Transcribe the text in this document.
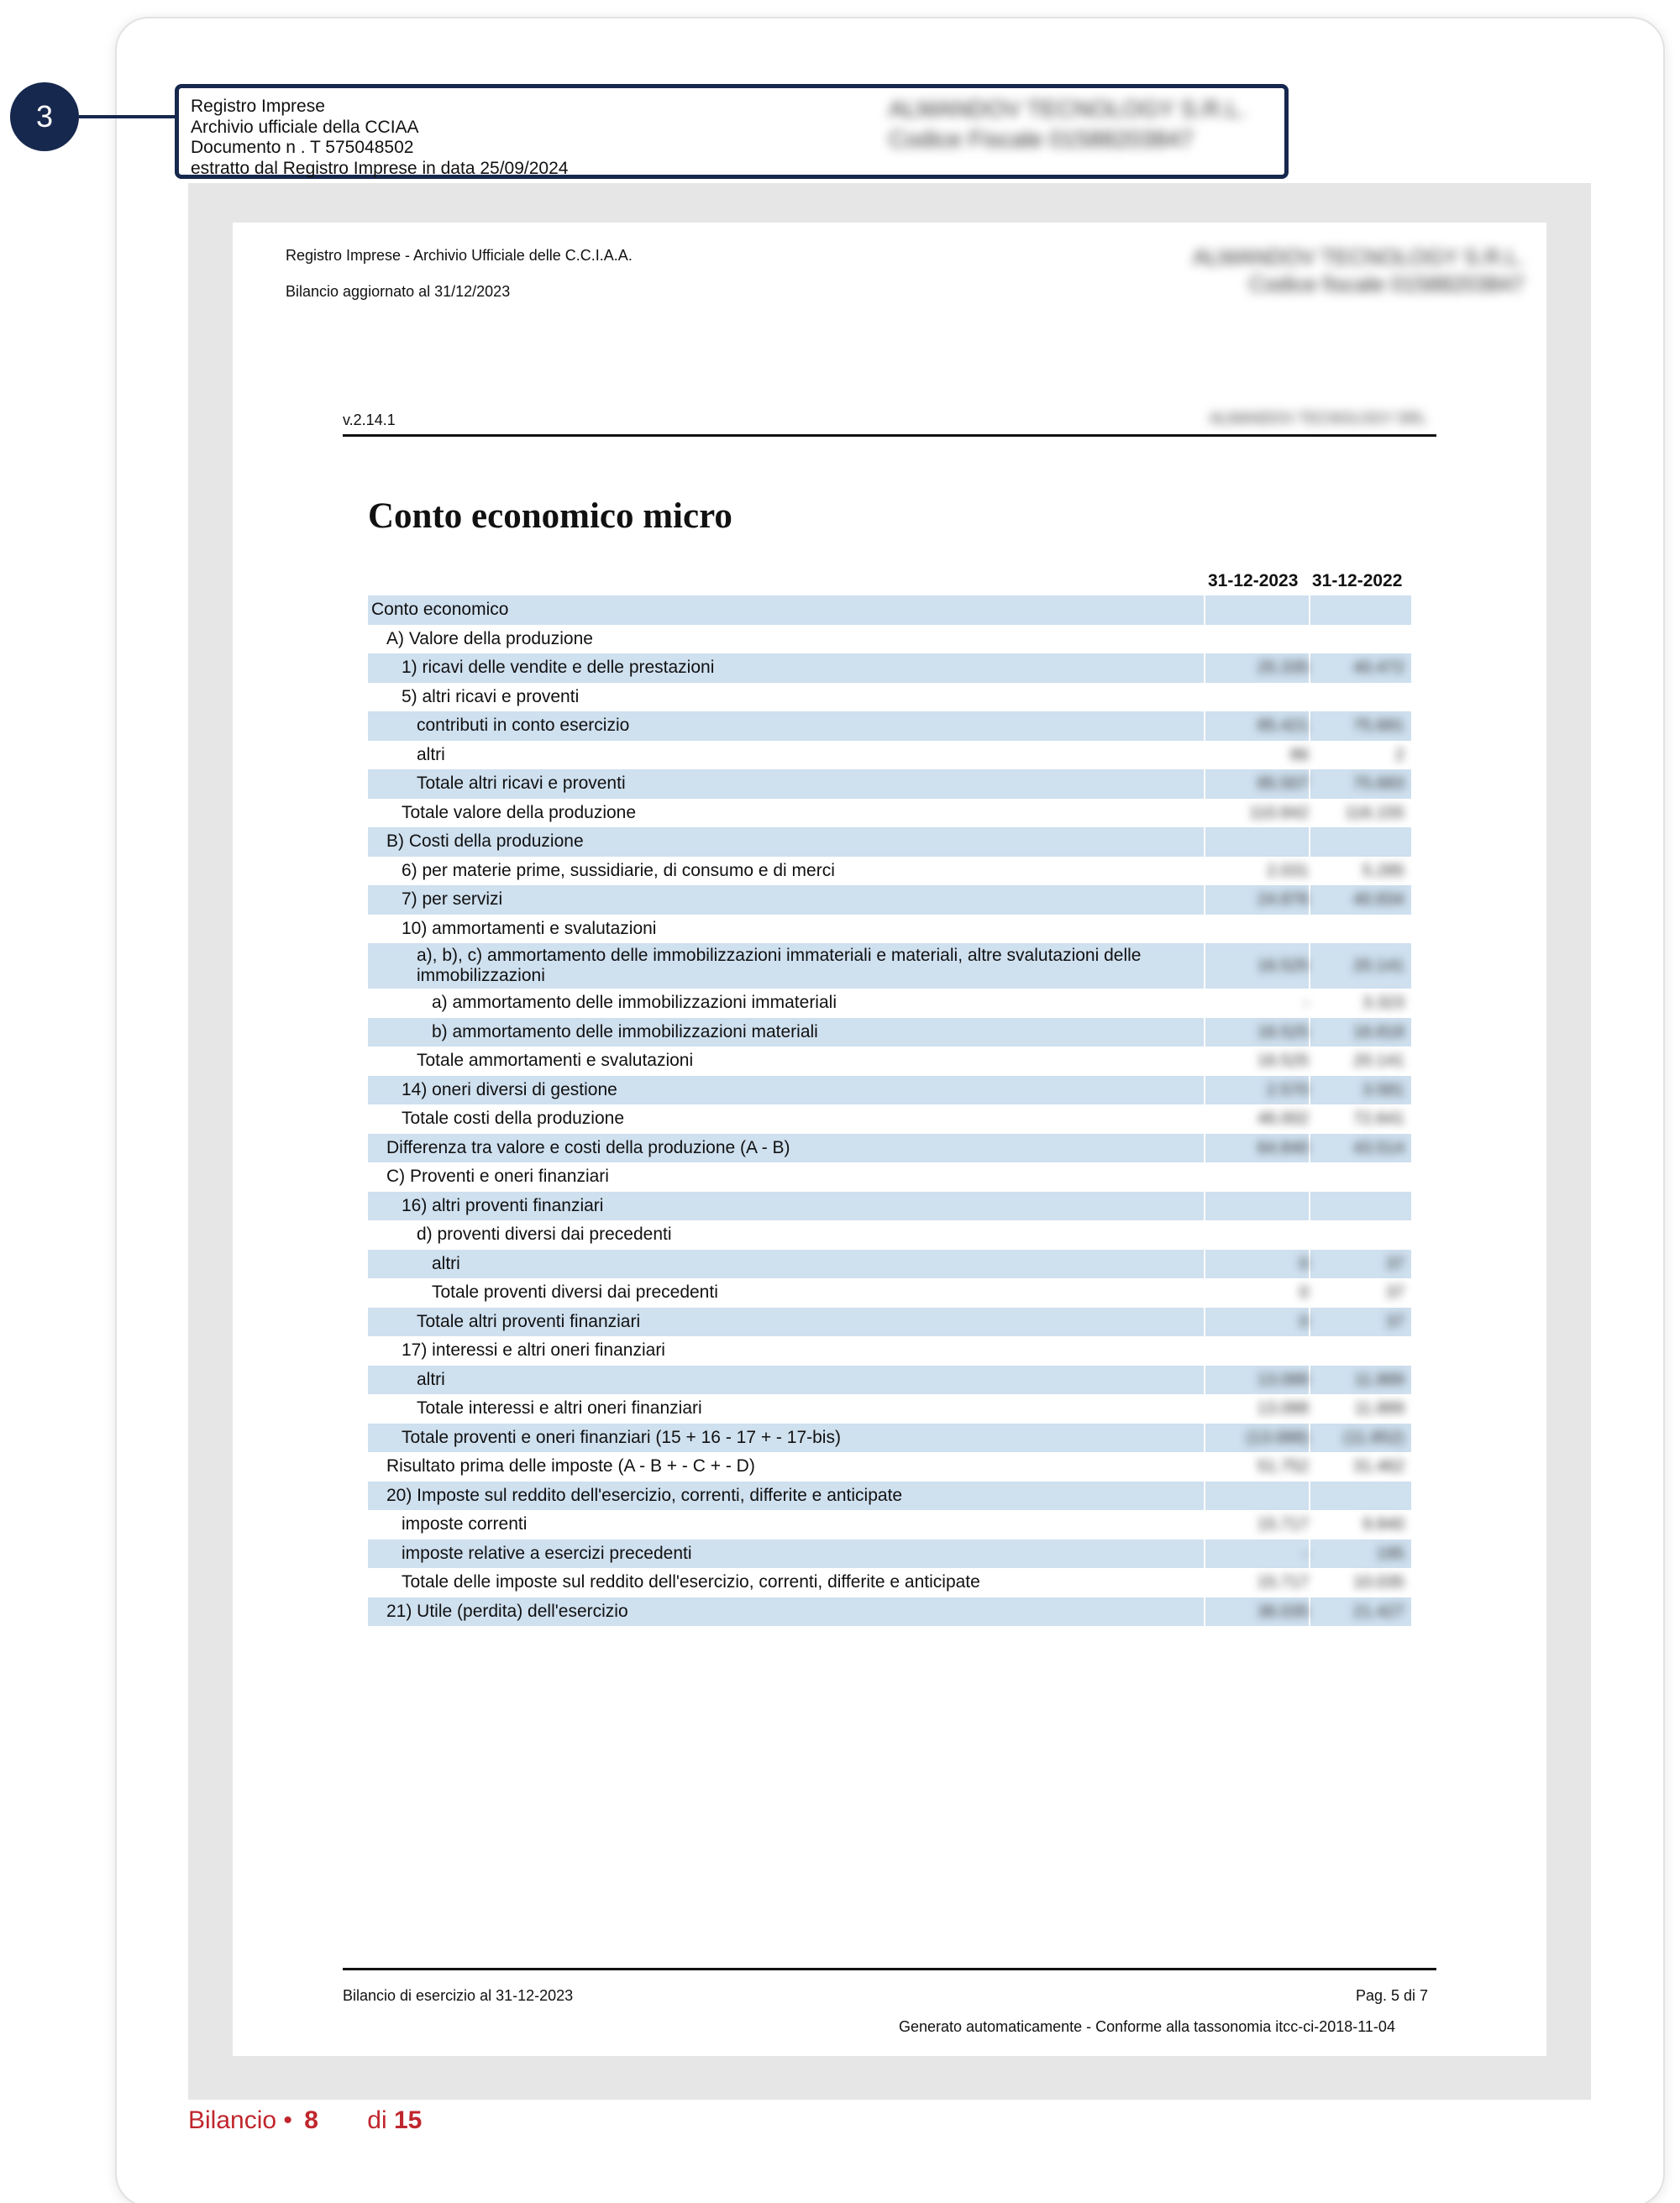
3	Registro Imprese
Archivio ufficiale della CCIAA
Documento n . T 575048502
estratto dal Registro Imprese in data 25/09/2024
ALMANDOV TECNOLOGY S.R.L.
Codice Fiscale 01588203847
Registro Imprese - Archivio Ufficiale delle C.C.I.A.A.
Bilancio aggiornato al 31/12/2023
ALMANDOV TECNOLOGY S.R.L.
Codice fiscale 01588203847
v.2.14.1	ALMANDOV TECNOLOGY SRL
Conto economico micro
31-12-2023 31-12-2022
Conto economico
A) Valore della produzione
1) ricavi delle vendite e delle prestazioni	25.335	40.472
5) altri ricavi e proventi
contributi in conto esercizio	85.421	75.681
altri	86	2
Totale altri ricavi e proventi	85.507	75.683
Totale valore della produzione	110.842	116.155
B) Costi della produzione
6) per materie prime, sussidiarie, di consumo e di merci	2.031	5.285
7) per servizi	24.876	40.834
10) ammortamenti e svalutazioni
a), b), c) ammortamento delle immobilizzazioni immateriali e materiali, altre svalutazioni delle immobilizzazioni	16.525	20.141
a) ammortamento delle immobilizzazioni immateriali	-	3.323
b) ammortamento delle immobilizzazioni materiali	16.525	16.818
Totale ammortamenti e svalutazioni	16.525	20.141
14) oneri diversi di gestione	2.570	3.581
Totale costi della produzione	46.002	72.641
Differenza tra valore e costi della produzione (A - B)	64.840	43.514
C) Proventi e oneri finanziari
16) altri proventi finanziari
d) proventi diversi dai precedenti
altri	0	37
Totale proventi diversi dai precedenti	0	37
Totale altri proventi finanziari	0	37
17) interessi e altri oneri finanziari
altri	13.088	11.889
Totale interessi e altri oneri finanziari	13.088	11.889
Totale proventi e oneri finanziari (15 + 16 - 17 + - 17-bis)	(13.088)	(11.852)
Risultato prima delle imposte (A - B + - C + - D)	51.752	31.462
20) Imposte sul reddito dell'esercizio, correnti, differite e anticipate
imposte correnti	15.717	9.840
imposte relative a esercizi precedenti	-	195
Totale delle imposte sul reddito dell'esercizio, correnti, differite e anticipate	15.717	10.035
21) Utile (perdita) dell'esercizio	36.035	21.427
Bilancio di esercizio al 31-12-2023	Pag. 5 di 7
Generato automaticamente - Conforme alla tassonomia itcc-ci-2018-11-04
Bilancio • 8 di 15
